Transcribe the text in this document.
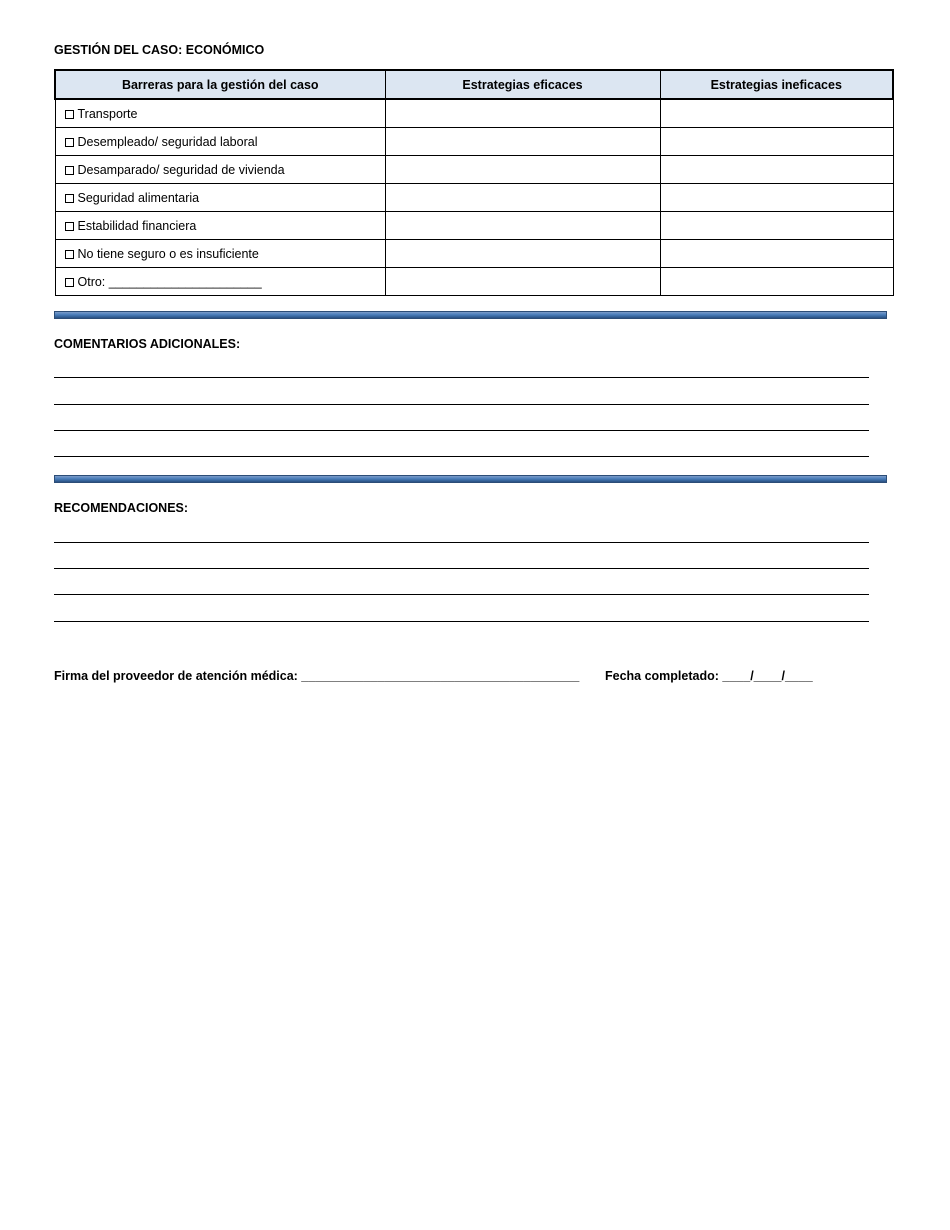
GESTIÓN DEL CASO: ECONÓMICO
Barreras para la gestión del caso	Estrategias eficaces	Estrategias ineficaces
Transporte		
Desempleado/ seguridad laboral		
Desamparado/ seguridad de vivienda		
Seguridad alimentaria		
Estabilidad financiera		
No tiene seguro o es insuficiente		
Otro: ______________________		
COMENTARIOS ADICIONALES:
RECOMENDACIONES:
Firma del proveedor de atención médica: ________________________________________ Fecha completado: ____/____/____
